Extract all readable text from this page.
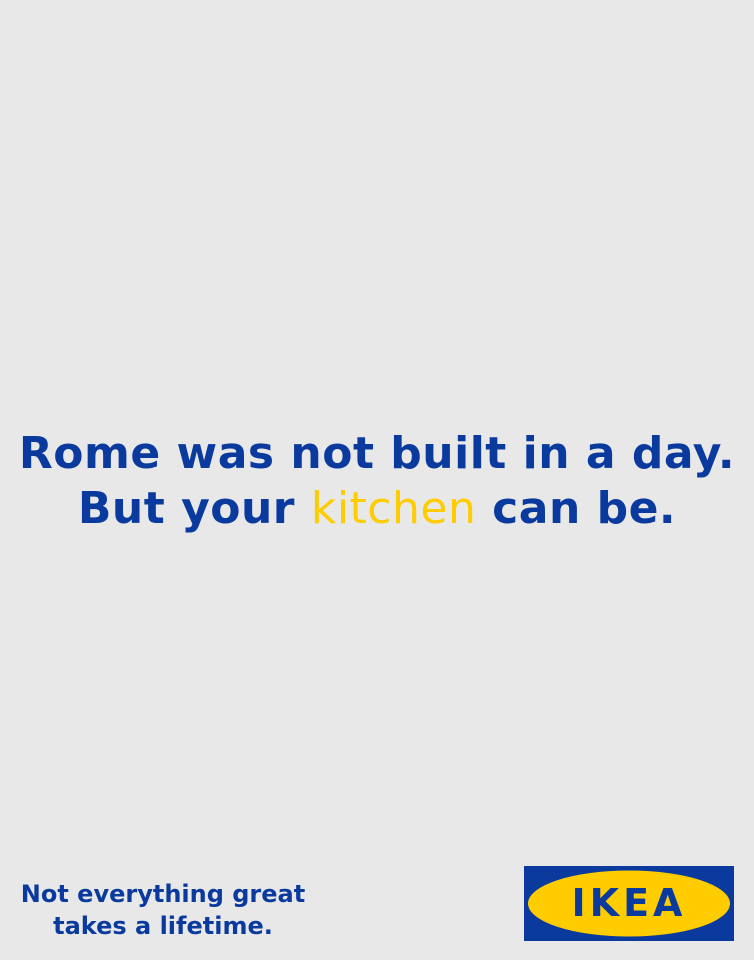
Rome was not built in a day.
But your kitchen can be.
Not everything great
takes a lifetime.
IKEA
